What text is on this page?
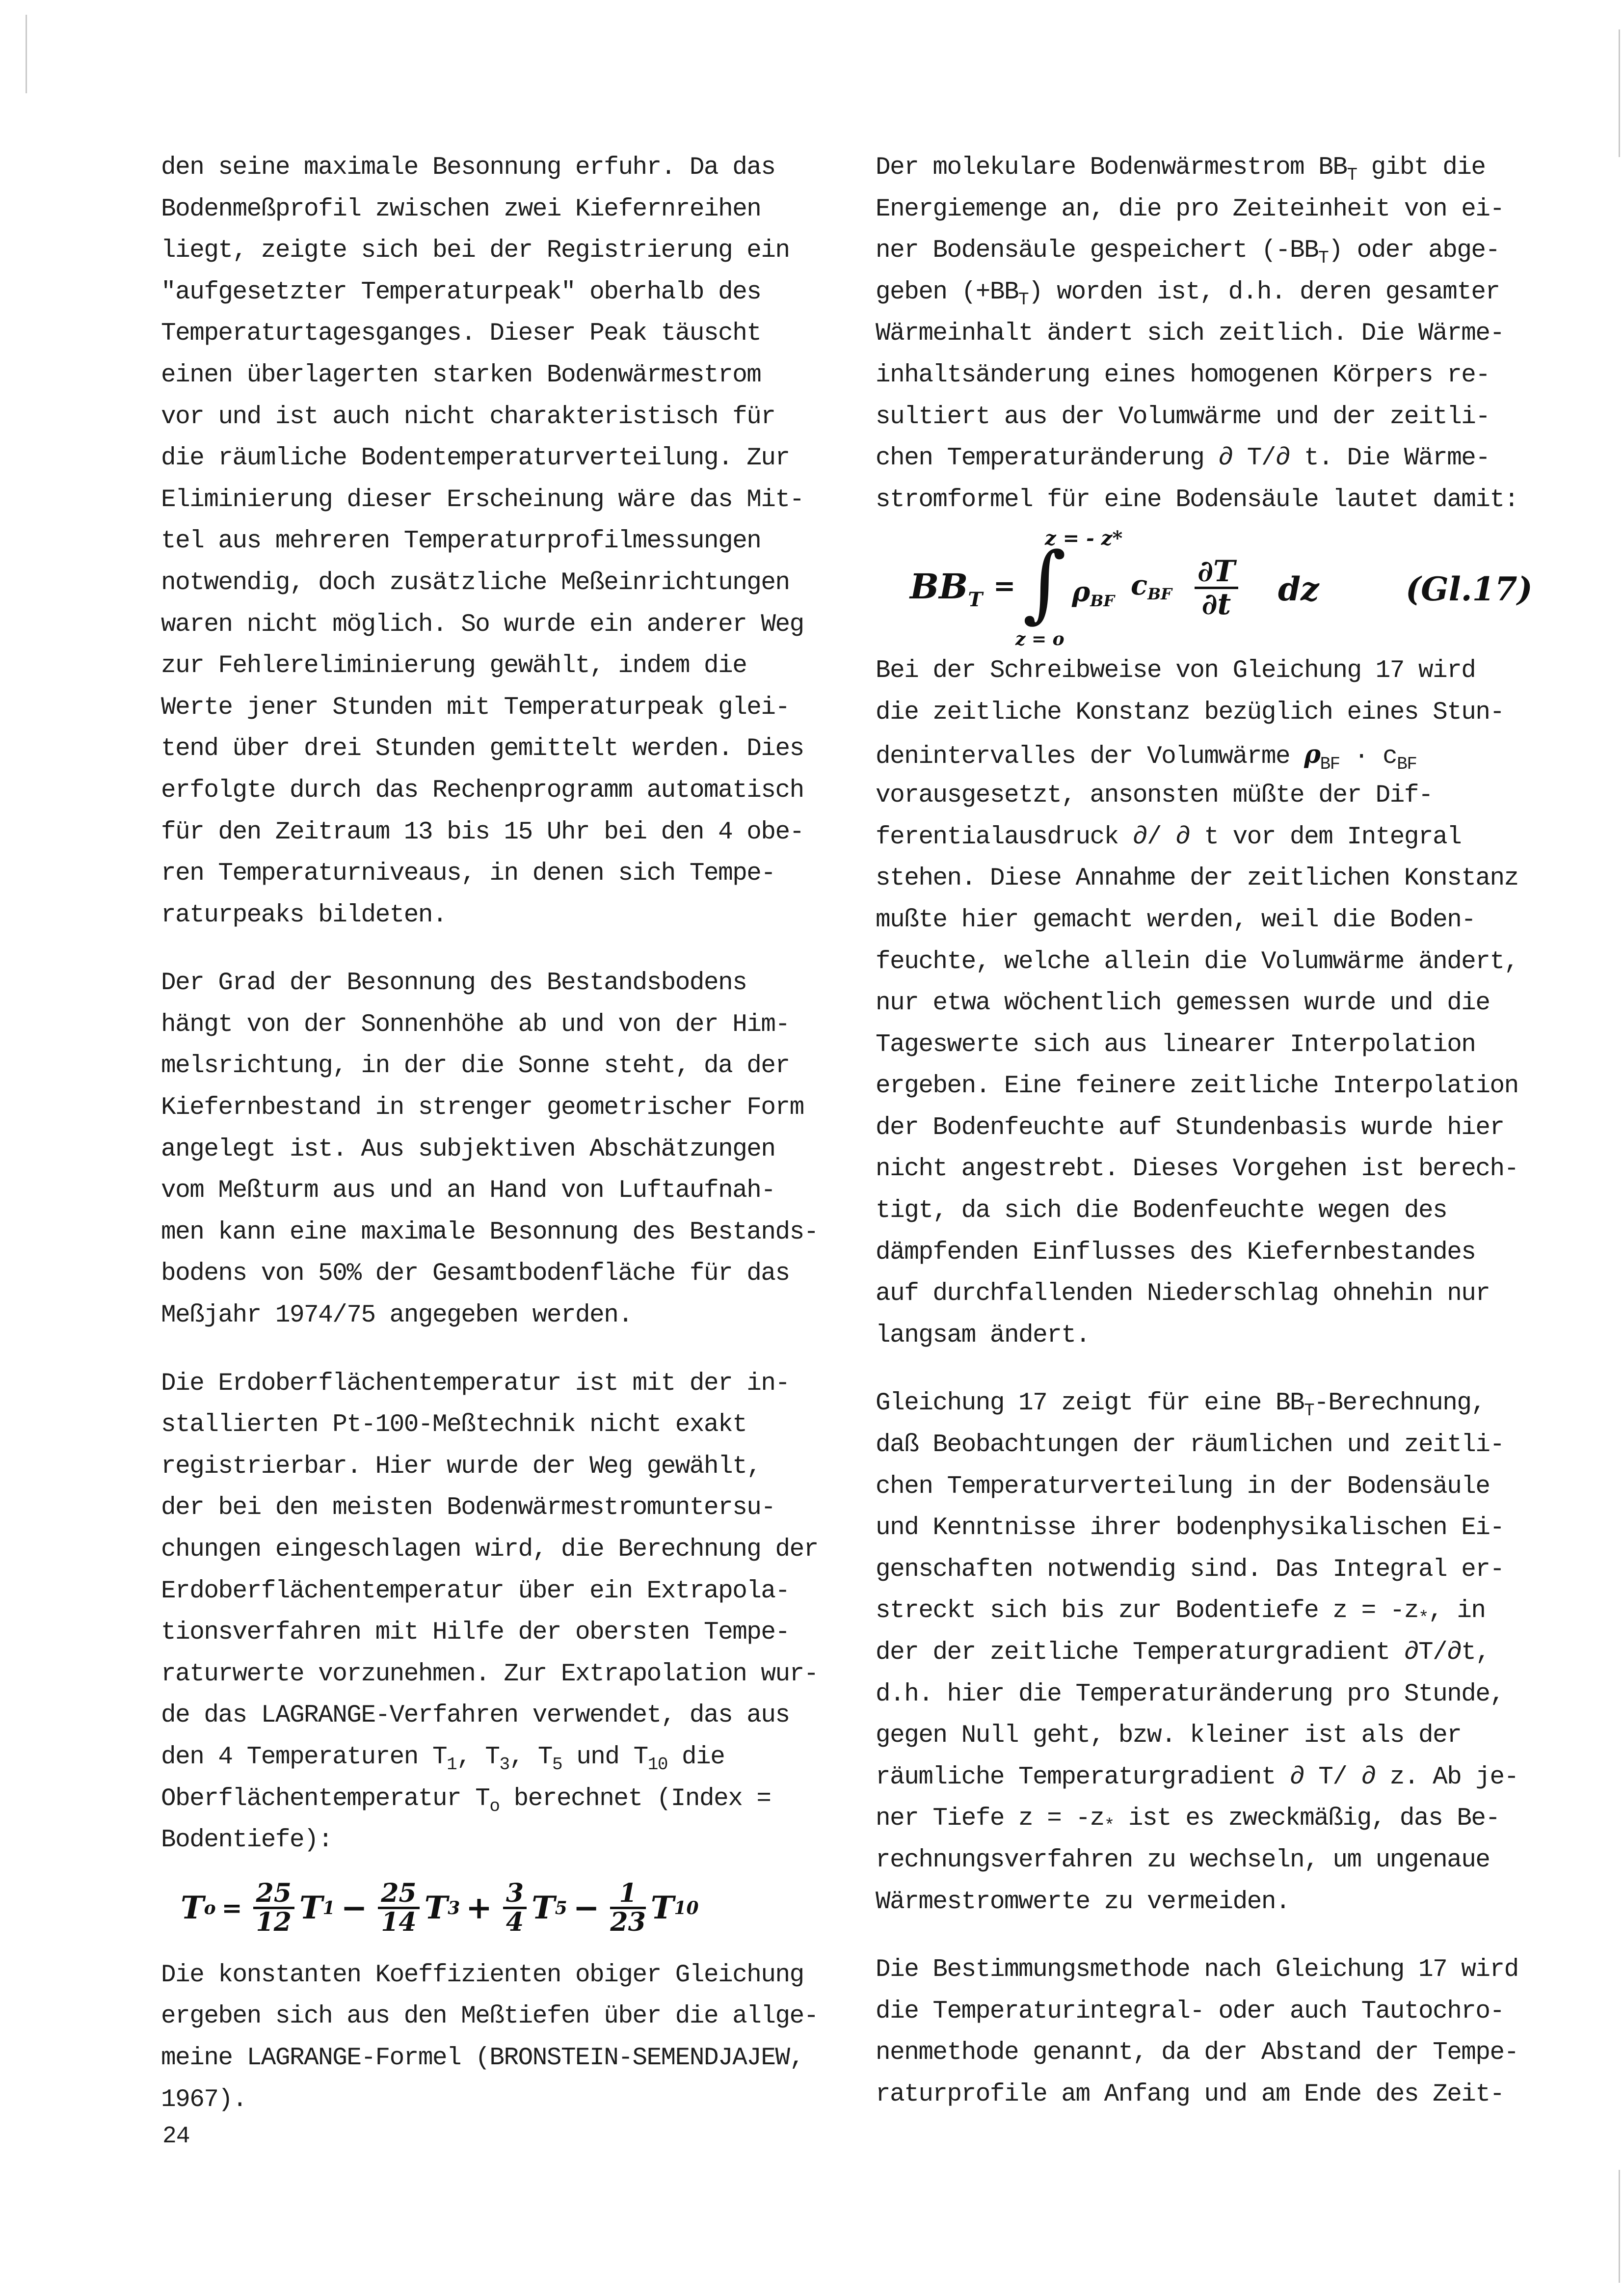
den seine maximale Besonnung erfuhr. Da das
Bodenmeßprofil zwischen zwei Kiefernreihen
liegt, zeigte sich bei der Registrierung ein
"aufgesetzter Temperaturpeak" oberhalb des
Temperaturtagesganges. Dieser Peak täuscht
einen überlagerten starken Bodenwärmestrom
vor und ist auch nicht charakteristisch für
die räumliche Bodentemperaturverteilung. Zur
Eliminierung dieser Erscheinung wäre das Mit-
tel aus mehreren Temperaturprofilmessungen
notwendig, doch zusätzliche Meßeinrichtungen
waren nicht möglich. So wurde ein anderer Weg
zur Fehlereliminierung gewählt, indem die
Werte jener Stunden mit Temperaturpeak glei-
tend über drei Stunden gemittelt werden. Dies
erfolgte durch das Rechenprogramm automatisch
für den Zeitraum 13 bis 15 Uhr bei den 4 obe-
ren Temperaturniveaus, in denen sich Tempe-
raturpeaks bildeten.
Der Grad der Besonnung des Bestandsbodens
hängt von der Sonnenhöhe ab und von der Him-
melsrichtung, in der die Sonne steht, da der
Kiefernbestand in strenger geometrischer Form
angelegt ist. Aus subjektiven Abschätzungen
vom Meßturm aus und an Hand von Luftaufnah-
men kann eine maximale Besonnung des Bestands-
bodens von 50% der Gesamtbodenfläche für das
Meßjahr 1974/75 angegeben werden.
Die Erdoberflächentemperatur ist mit der in-
stallierten Pt-100-Meßtechnik nicht exakt
registrierbar. Hier wurde der Weg gewählt,
der bei den meisten Bodenwärmestromuntersu-
chungen eingeschlagen wird, die Berechnung der
Erdoberflächentemperatur über ein Extrapola-
tionsverfahren mit Hilfe der obersten Tempe-
raturwerte vorzunehmen. Zur Extrapolation wur-
de das LAGRANGE-Verfahren verwendet, das aus
den 4 Temperaturen $T_1$, $T_3$, $T_5$ und $T_{10}$ die
Oberflächentemperatur $T_o$ berechnet (Index =
Bodentiefe):
T $o = \frac{25}{12}$ T $1 - \frac{25}{14}$ T $3 + \frac{3}{4}$ T $5 - \frac{1}{23}$ T 10
Die konstanten Koeffizienten obiger Gleichung
ergeben sich aus den Meßtiefen über die allge-
meine LAGRANGE-Formel (BRONSTEIN-SEMENDJAJEW,
1967).
Der molekulare Bodenwärmestrom $BB_T$ gibt die
Energiemenge an, die pro Zeiteinheit von ei-
ner Bodensäule gespeichert $(-BB_T)$ oder abge-
geben $(+BB_T)$ worden ist, d.h. deren gesamter
Wärmeinhalt ändert sich zeitlich. Die Wärme-
inhaltsänderung eines homogenen Körpers re-
sultiert aus der Volumwärme und der zeitli-
chen Temperaturänderung ∂ T/∂ t. Die Wärme-
stromformel für eine Bodensäule lautet damit:
$BB_T$ =
z = - z*
∫
z = o
$\rho_{BF}$ $c_{BF} \frac{\partial T}{\partial t}$ dz	(Gl.17)
Bei der Schreibweise von Gleichung 17 wird
die zeitliche Konstanz bezüglich eines Stun-
denintervalles der Volumwärme $\rho_{BF} \cdot c_{BF}$
vorausgesetzt, ansonsten müßte der Dif-
ferentialausdruck ∂/ ∂ t vor dem Integral
stehen. Diese Annahme der zeitlichen Konstanz
mußte hier gemacht werden, weil die Boden-
feuchte, welche allein die Volumwärme ändert,
nur etwa wöchentlich gemessen wurde und die
Tageswerte sich aus linearer Interpolation
ergeben. Eine feinere zeitliche Interpolation
der Bodenfeuchte auf Stundenbasis wurde hier
nicht angestrebt. Dieses Vorgehen ist berech-
tigt, da sich die Bodenfeuchte wegen des
dämpfenden Einflusses des Kiefernbestandes
auf durchfallenden Niederschlag ohnehin nur
langsam ändert.
Gleichung 17 zeigt für eine $BB_T$-Berechnung,
daß Beobachtungen der räumlichen und zeitli-
chen Temperaturverteilung in der Bodensäule
und Kenntnisse ihrer bodenphysikalischen Ei-
genschaften notwendig sind. Das Integral er-
streckt sich bis zur Bodentiefe $z = -z_*$, in
der der zeitliche Temperaturgradient ∂T/∂t,
d.h. hier die Temperaturänderung pro Stunde,
gegen Null geht, bzw. kleiner ist als der
räumliche Temperaturgradient ∂ T/ ∂ z. Ab je-
ner Tiefe $z = -z_*$ ist es zweckmäßig, das Be-
rechnungsverfahren zu wechseln, um ungenaue
Wärmestromwerte zu vermeiden.
Die Bestimmungsmethode nach Gleichung 17 wird
die Temperaturintegral- oder auch Tautochro-
nenmethode genannt, da der Abstand der Tempe-
raturprofile am Anfang und am Ende des Zeit-
24
